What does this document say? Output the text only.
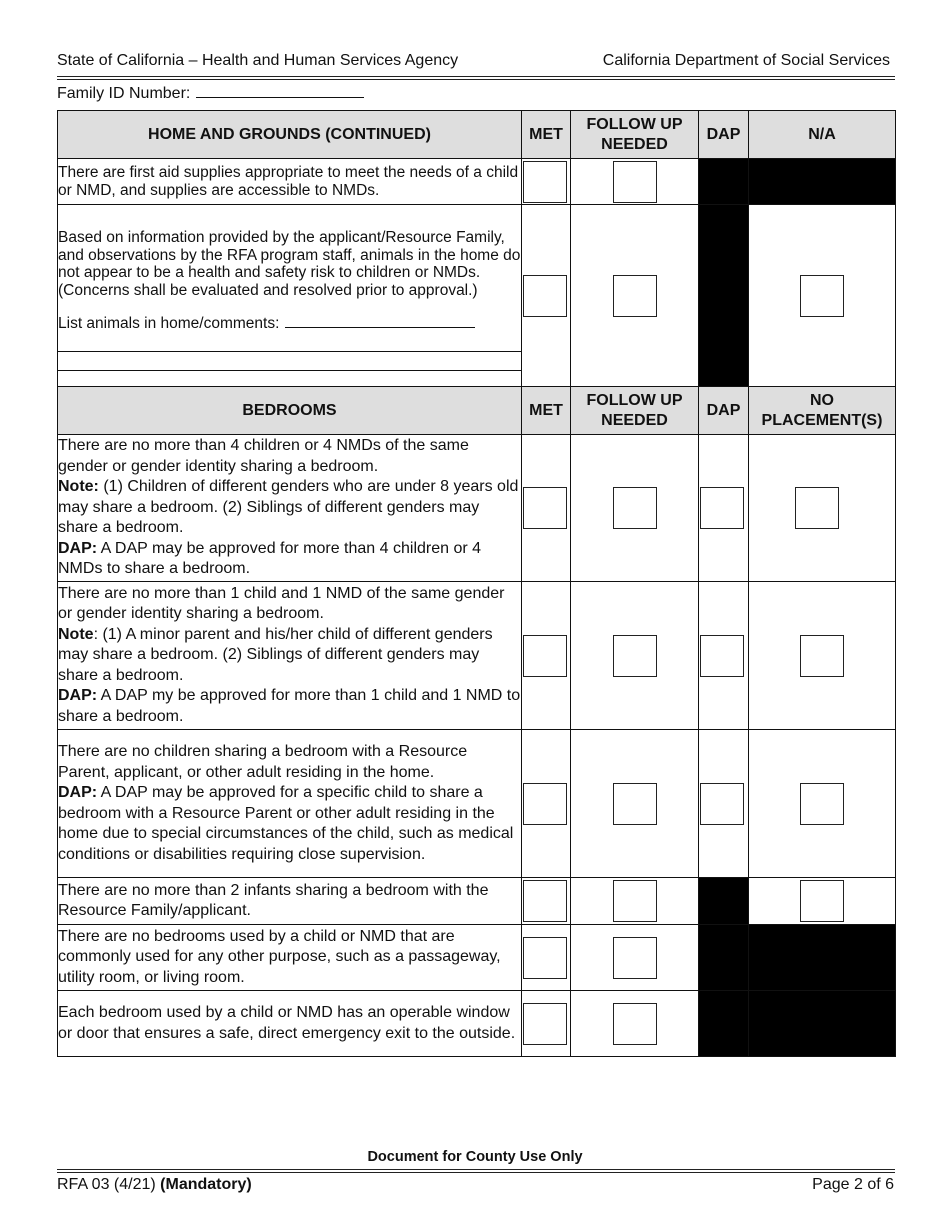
State of California – Health and Human Services Agency	California Department of Social Services
Family ID Number:
HOME AND GROUNDS (CONTINUED)	MET	FOLLOW UP NEEDED	DAP	N/A
There are first aid supplies appropriate to meet the needs of a child or NMD, and supplies are accessible to NMDs.				

Based on information provided by the applicant/Resource Family, and observations by the RFA program staff, animals in the home do not appear to be a health and safety risk to children or NMDs. (Concerns shall be evaluated and resolved prior to approval.)
List animals in home/comments:				

BEDROOMS	MET	FOLLOW UP NEEDED	DAP	NO PLACEMENT(S)
There are no more than 4 children or 4 NMDs of the same gender or gender identity sharing a bedroom.
Note: (1) Children of different genders who are under 8 years old may share a bedroom. (2) Siblings of different genders may share a bedroom.
DAP: A DAP may be approved for more than 4 children or 4 NMDs to share a bedroom.				
There are no more than 1 child and 1 NMD of the same gender or gender identity sharing a bedroom.
Note: (1) A minor parent and his/her child of different genders may share a bedroom. (2) Siblings of different genders may share a bedroom.
DAP: A DAP my be approved for more than 1 child and 1 NMD to share a bedroom.				
There are no children sharing a bedroom with a Resource Parent, applicant, or other adult residing in the home.
DAP: A DAP may be approved for a specific child to share a bedroom with a Resource Parent or other adult residing in the home due to special circumstances of the child, such as medical conditions or disabilities requiring close supervision.				
There are no more than 2 infants sharing a bedroom with the Resource Family/applicant.				
There are no bedrooms used by a child or NMD that are commonly used for any other purpose, such as a passageway, utility room, or living room.				
Each bedroom used by a child or NMD has an operable window or door that ensures a safe, direct emergency exit to the outside.				
Document for County Use Only
RFA 03 (4/21) (Mandatory)	Page 2 of 6
